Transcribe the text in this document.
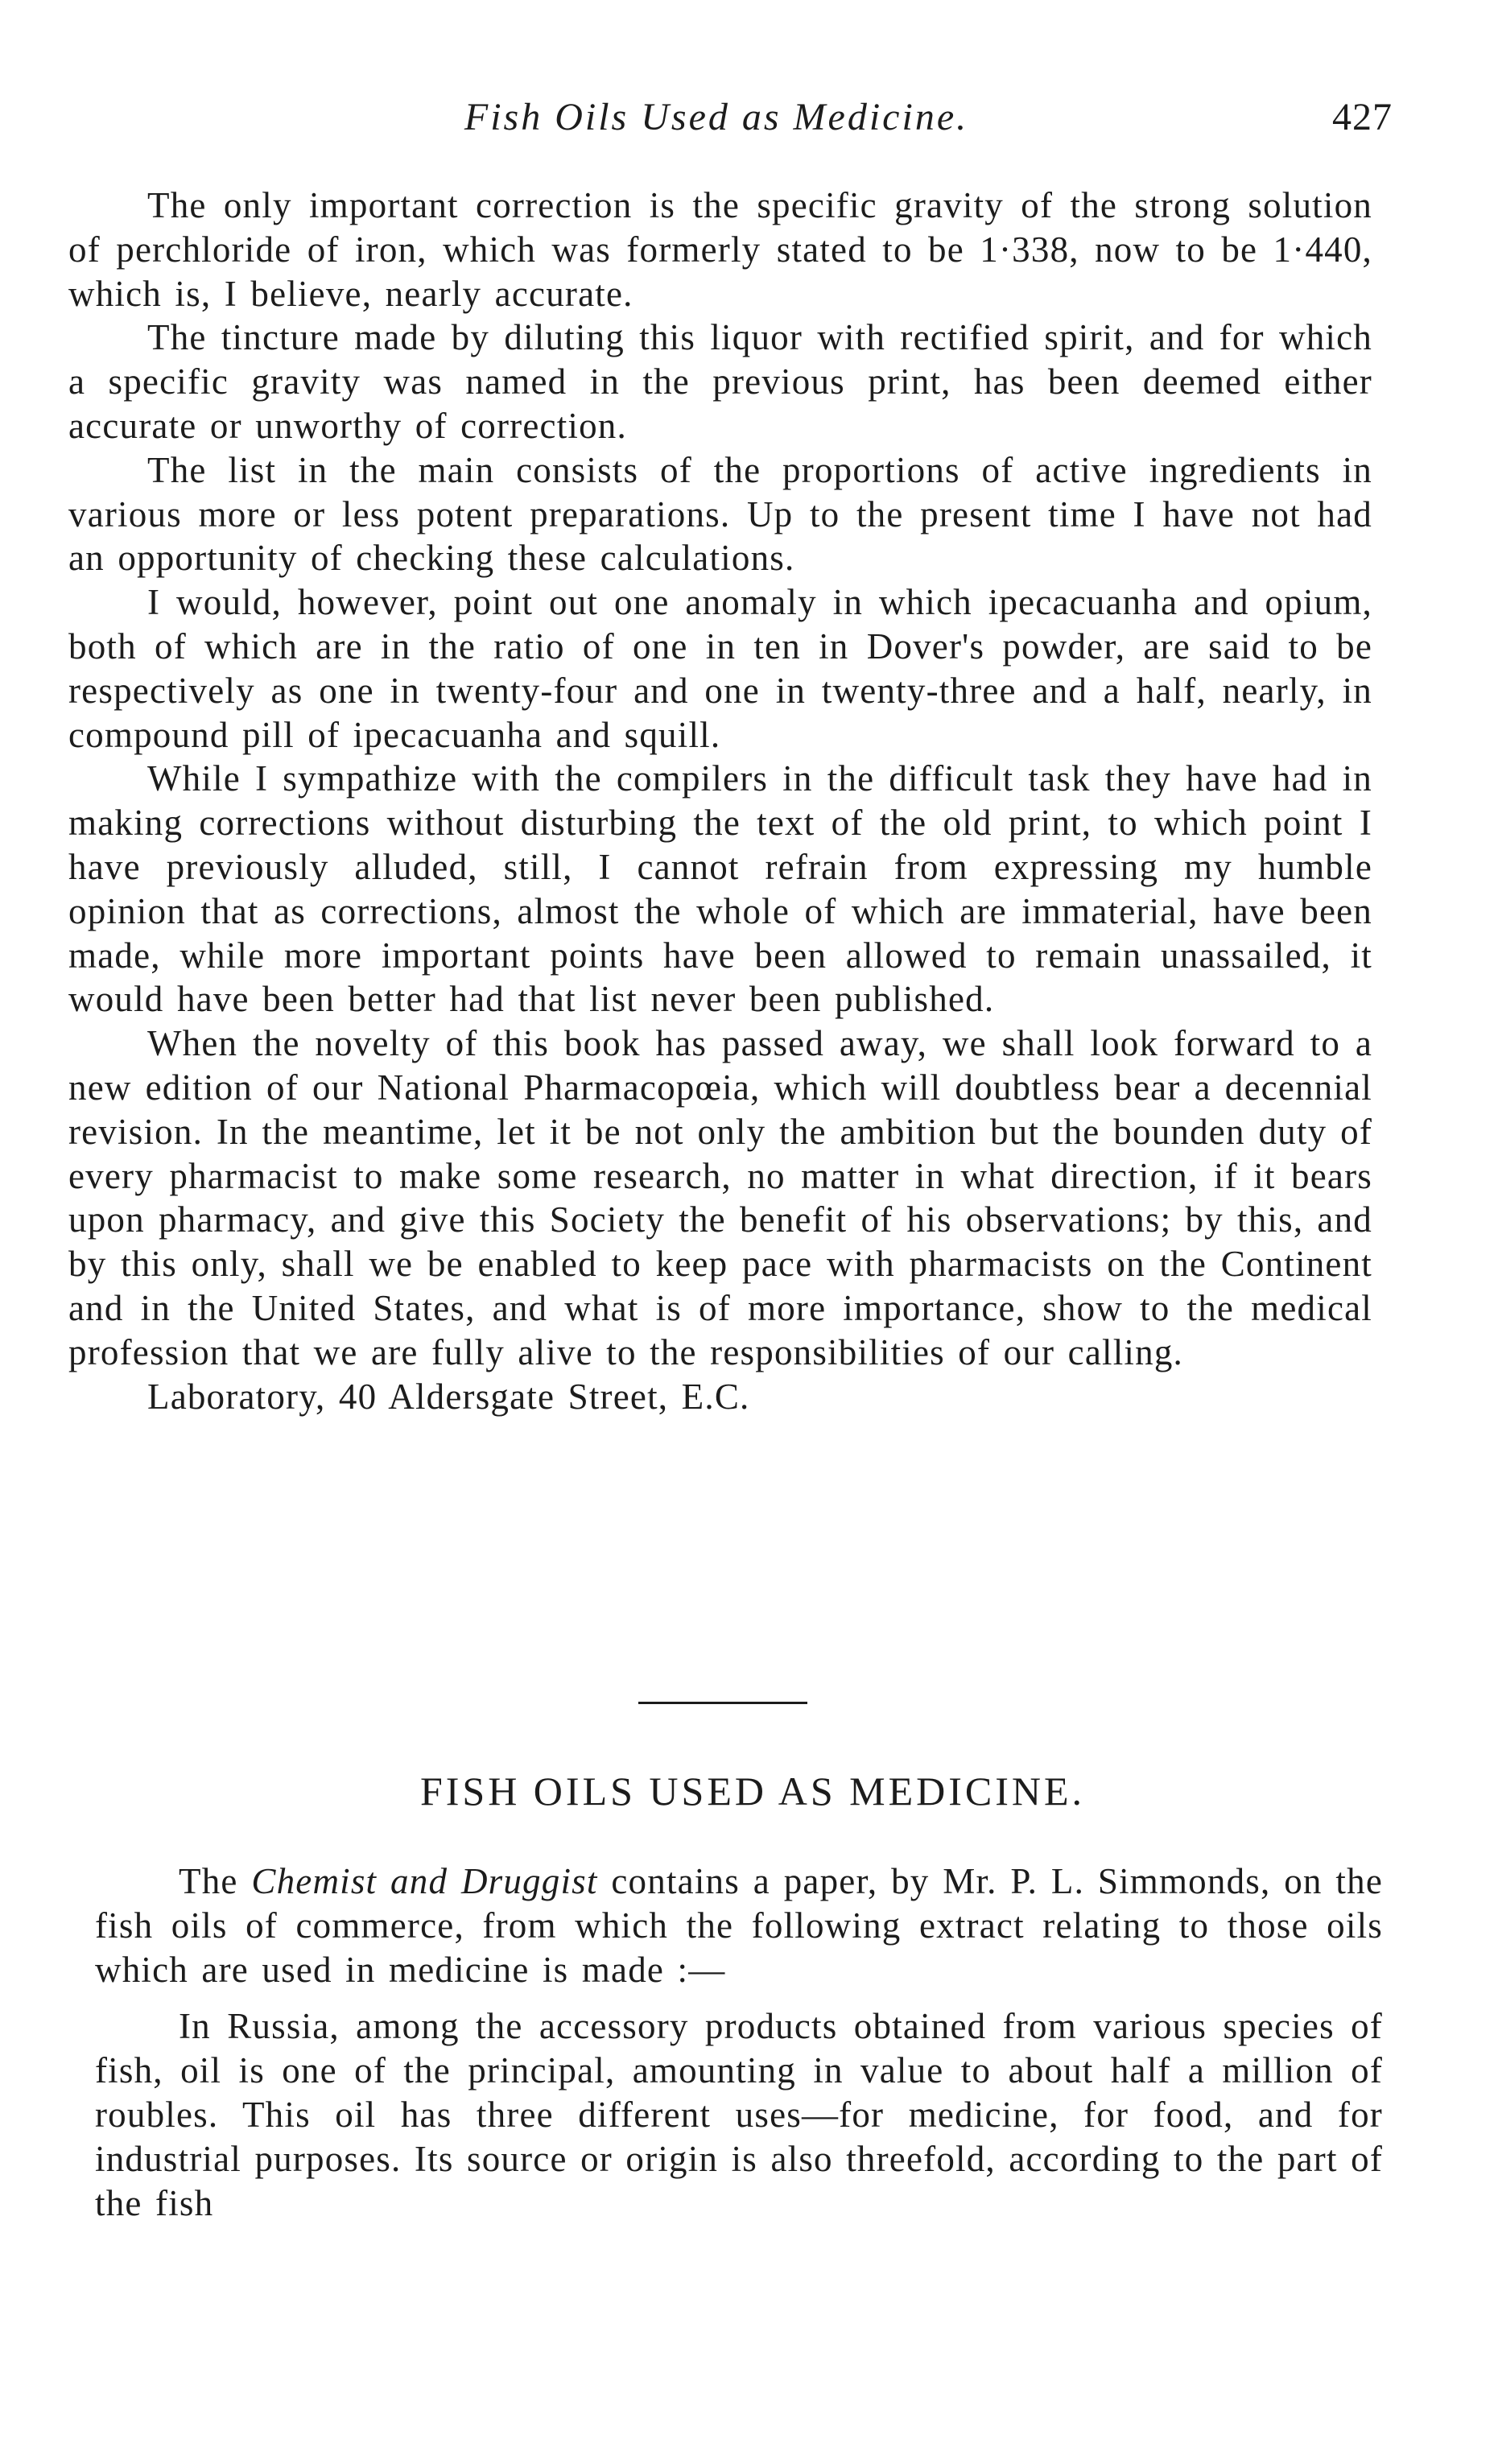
Fish Oils Used as Medicine.	427

The only important correction is the specific gravity of the strong solution of perchloride of iron, which was formerly stated to be 1·338, now to be 1·440, which is, I believe, nearly accurate.

The tincture made by diluting this liquor with rectified spirit, and for which a specific gravity was named in the previous print, has been deemed either accurate or unworthy of correction.

The list in the main consists of the proportions of active ingredients in various more or less potent preparations. Up to the present time I have not had an opportunity of checking these calculations.

I would, however, point out one anomaly in which ipecacuanha and opium, both of which are in the ratio of one in ten in Dover's powder, are said to be respectively as one in twenty-four and one in twenty-three and a half, nearly, in compound pill of ipecacuanha and squill.

While I sympathize with the compilers in the difficult task they have had in making corrections without disturbing the text of the old print, to which point I have previously alluded, still, I cannot refrain from expressing my humble opinion that as corrections, almost the whole of which are immaterial, have been made, while more important points have been allowed to remain unassailed, it would have been better had that list never been published.

When the novelty of this book has passed away, we shall look forward to a new edition of our National Pharmacopœia, which will doubtless bear a decennial revision. In the meantime, let it be not only the ambition but the bounden duty of every pharmacist to make some research, no matter in what direction, if it bears upon pharmacy, and give this Society the benefit of his observations; by this, and by this only, shall we be enabled to keep pace with pharmacists on the Continent and in the United States, and what is of more importance, show to the medical profession that we are fully alive to the responsibilities of our calling.

Laboratory, 40 Aldersgate Street, E.C.

FISH OILS USED AS MEDICINE.

The Chemist and Druggist contains a paper, by Mr. P. L. Simmonds, on the fish oils of commerce, from which the following extract relating to those oils which are used in medicine is made :—

In Russia, among the accessory products obtained from various species of fish, oil is one of the principal, amounting in value to about half a million of roubles. This oil has three different uses—for medicine, for food, and for industrial purposes. Its source or origin is also threefold, according to the part of the fish
